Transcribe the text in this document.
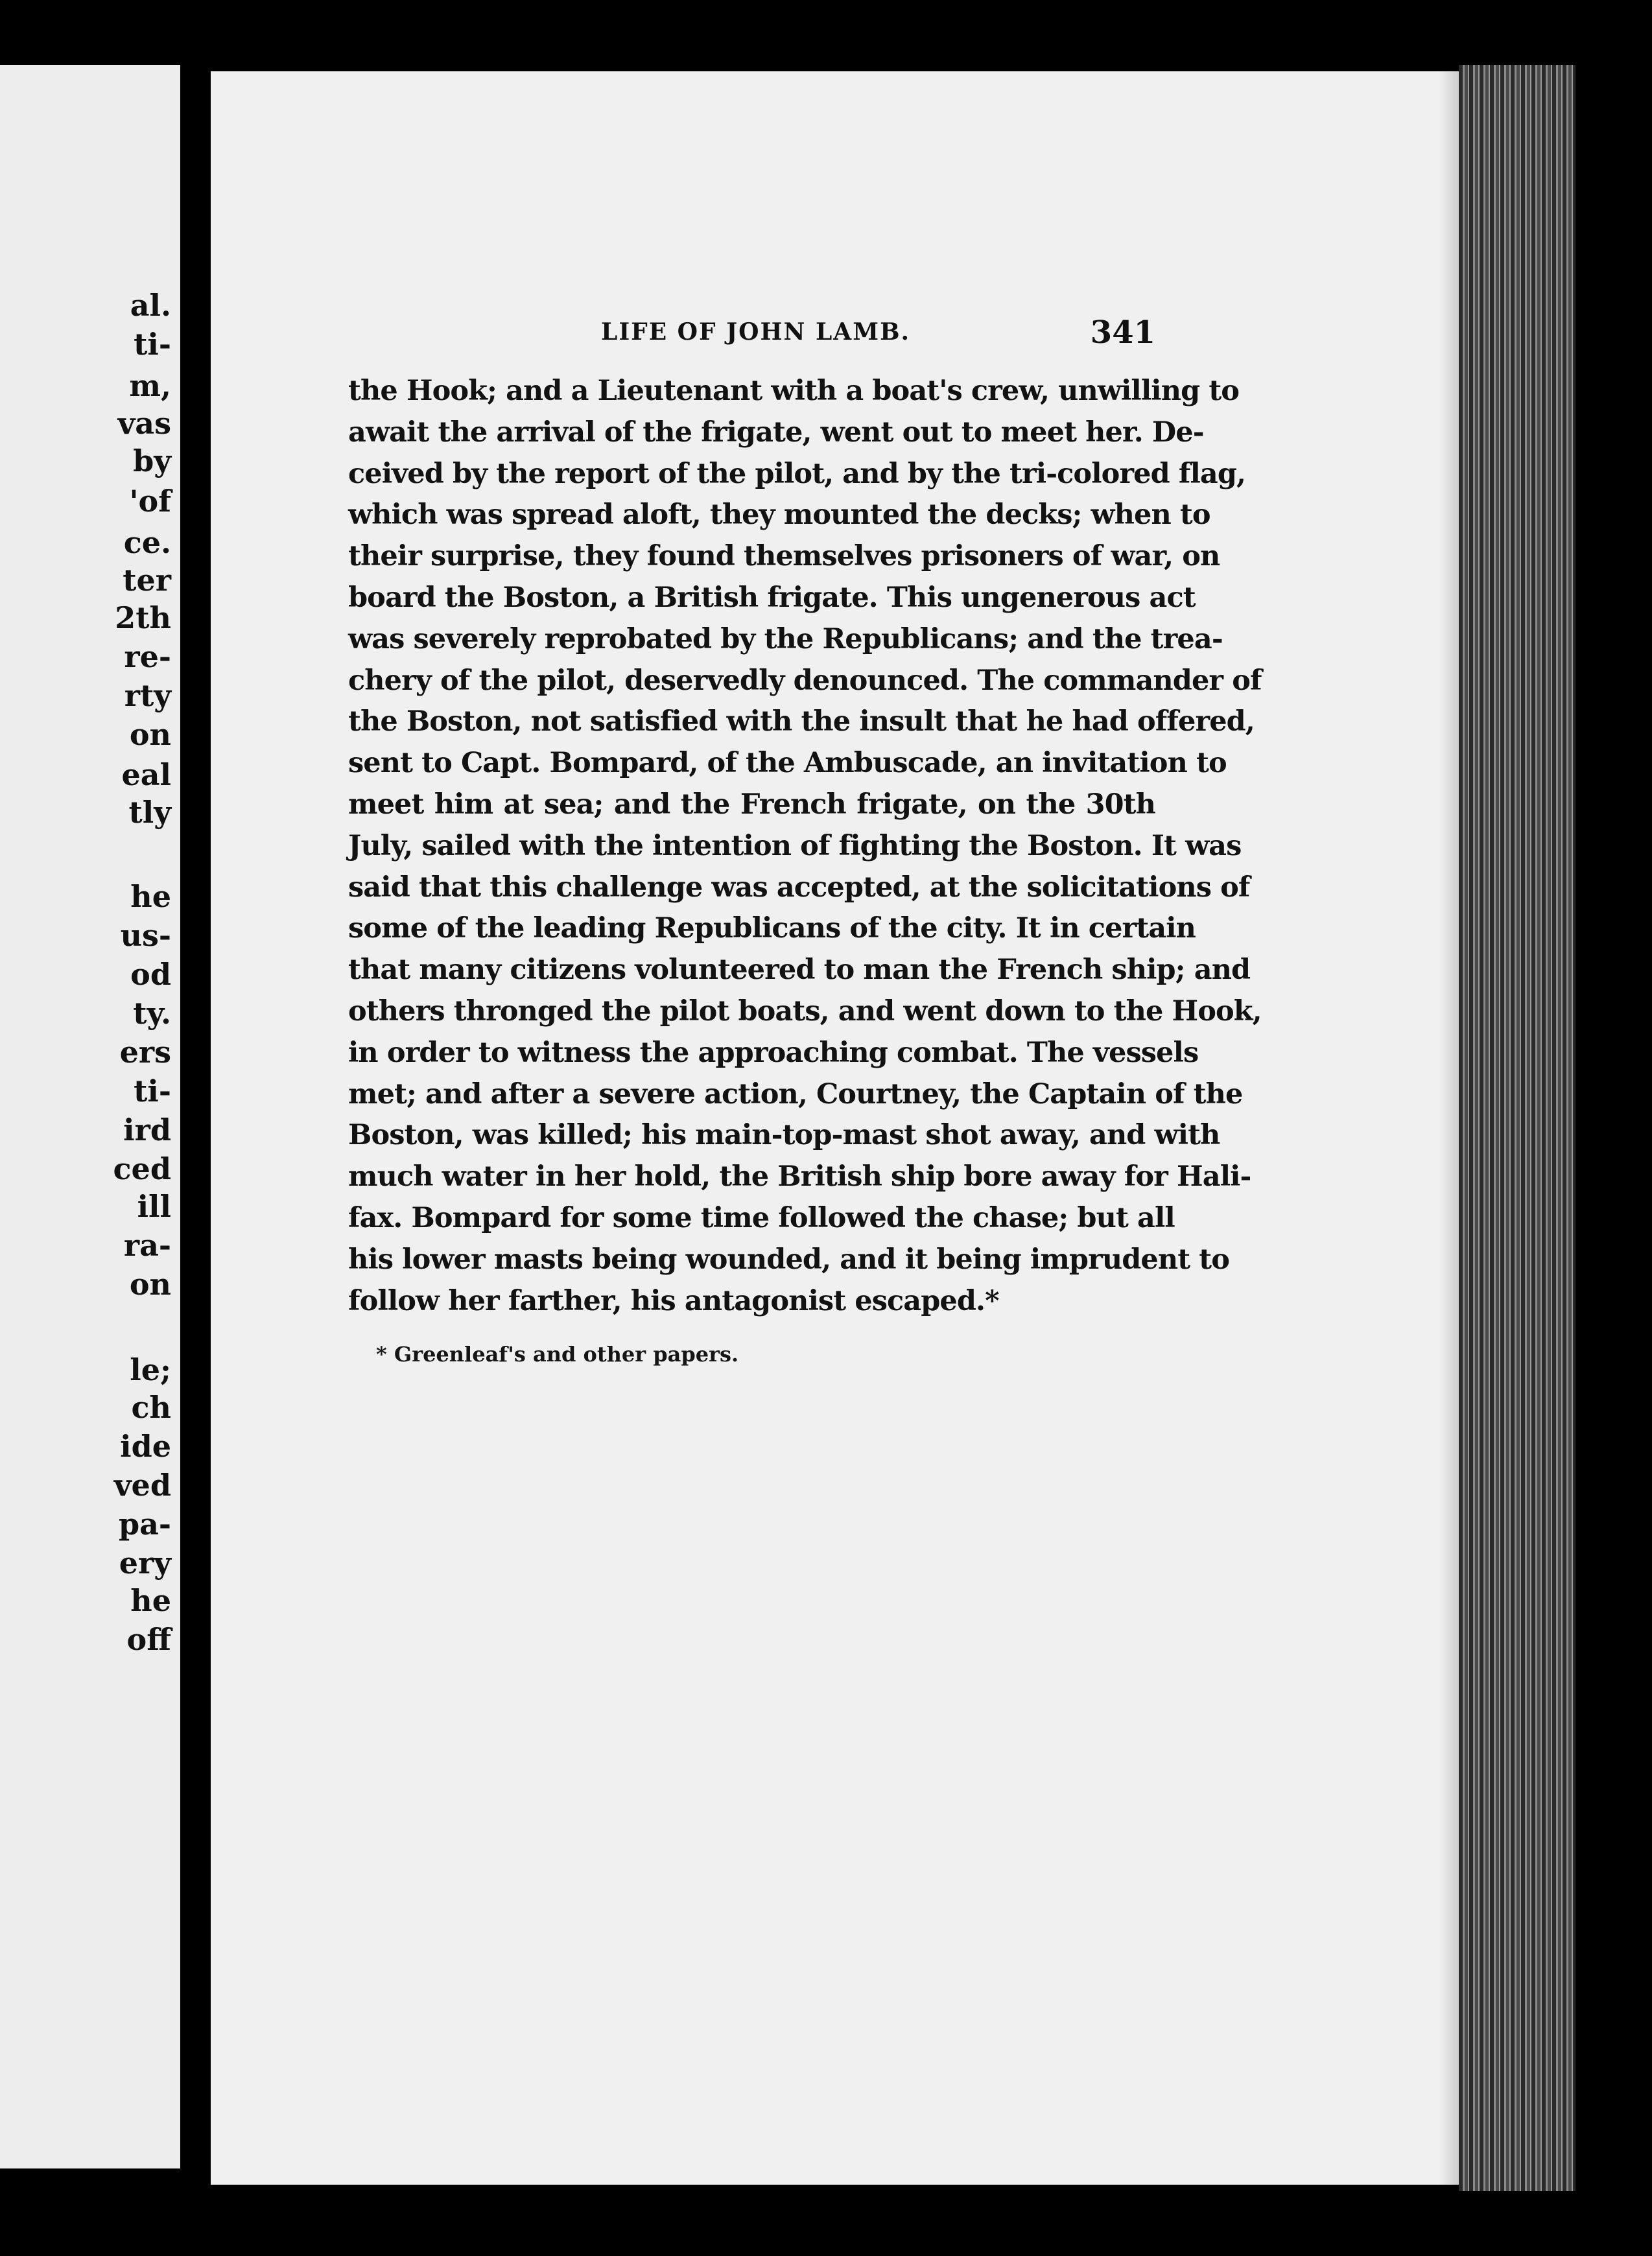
al.
ti-
m,
vas
by
'of
ce.
ter
2th
re-
rty
on
eal
tly
he
us-
od
ty.
ers
ti-
ird
ced
ill
ra-
on
le;
ch
ide
ved
pa-
ery
he
off
LIFE OF JOHN LAMB.	341
the Hook; and a Lieutenant with a boat's crew, unwilling to
await the arrival of the frigate, went out to meet her. De-
ceived by the report of the pilot, and by the tri-colored flag,
which was spread aloft, they mounted the decks; when to
their surprise, they found themselves prisoners of war, on
board the Boston, a British frigate. This ungenerous act
was severely reprobated by the Republicans; and the trea-
chery of the pilot, deservedly denounced. The commander of
the Boston, not satisfied with the insult that he had offered,
sent to Capt. Bompard, of the Ambuscade, an invitation to
meet him at sea; and the French frigate, on the 30th
July, sailed with the intention of fighting the Boston. It was
said that this challenge was accepted, at the solicitations of
some of the leading Republicans of the city. It in certain
that many citizens volunteered to man the French ship; and
others thronged the pilot boats, and went down to the Hook,
in order to witness the approaching combat. The vessels
met; and after a severe action, Courtney, the Captain of the
Boston, was killed; his main-top-mast shot away, and with
much water in her hold, the British ship bore away for Hali-
fax. Bompard for some time followed the chase; but all
his lower masts being wounded, and it being imprudent to
follow her farther, his antagonist escaped.*
* Greenleaf's and other papers.
